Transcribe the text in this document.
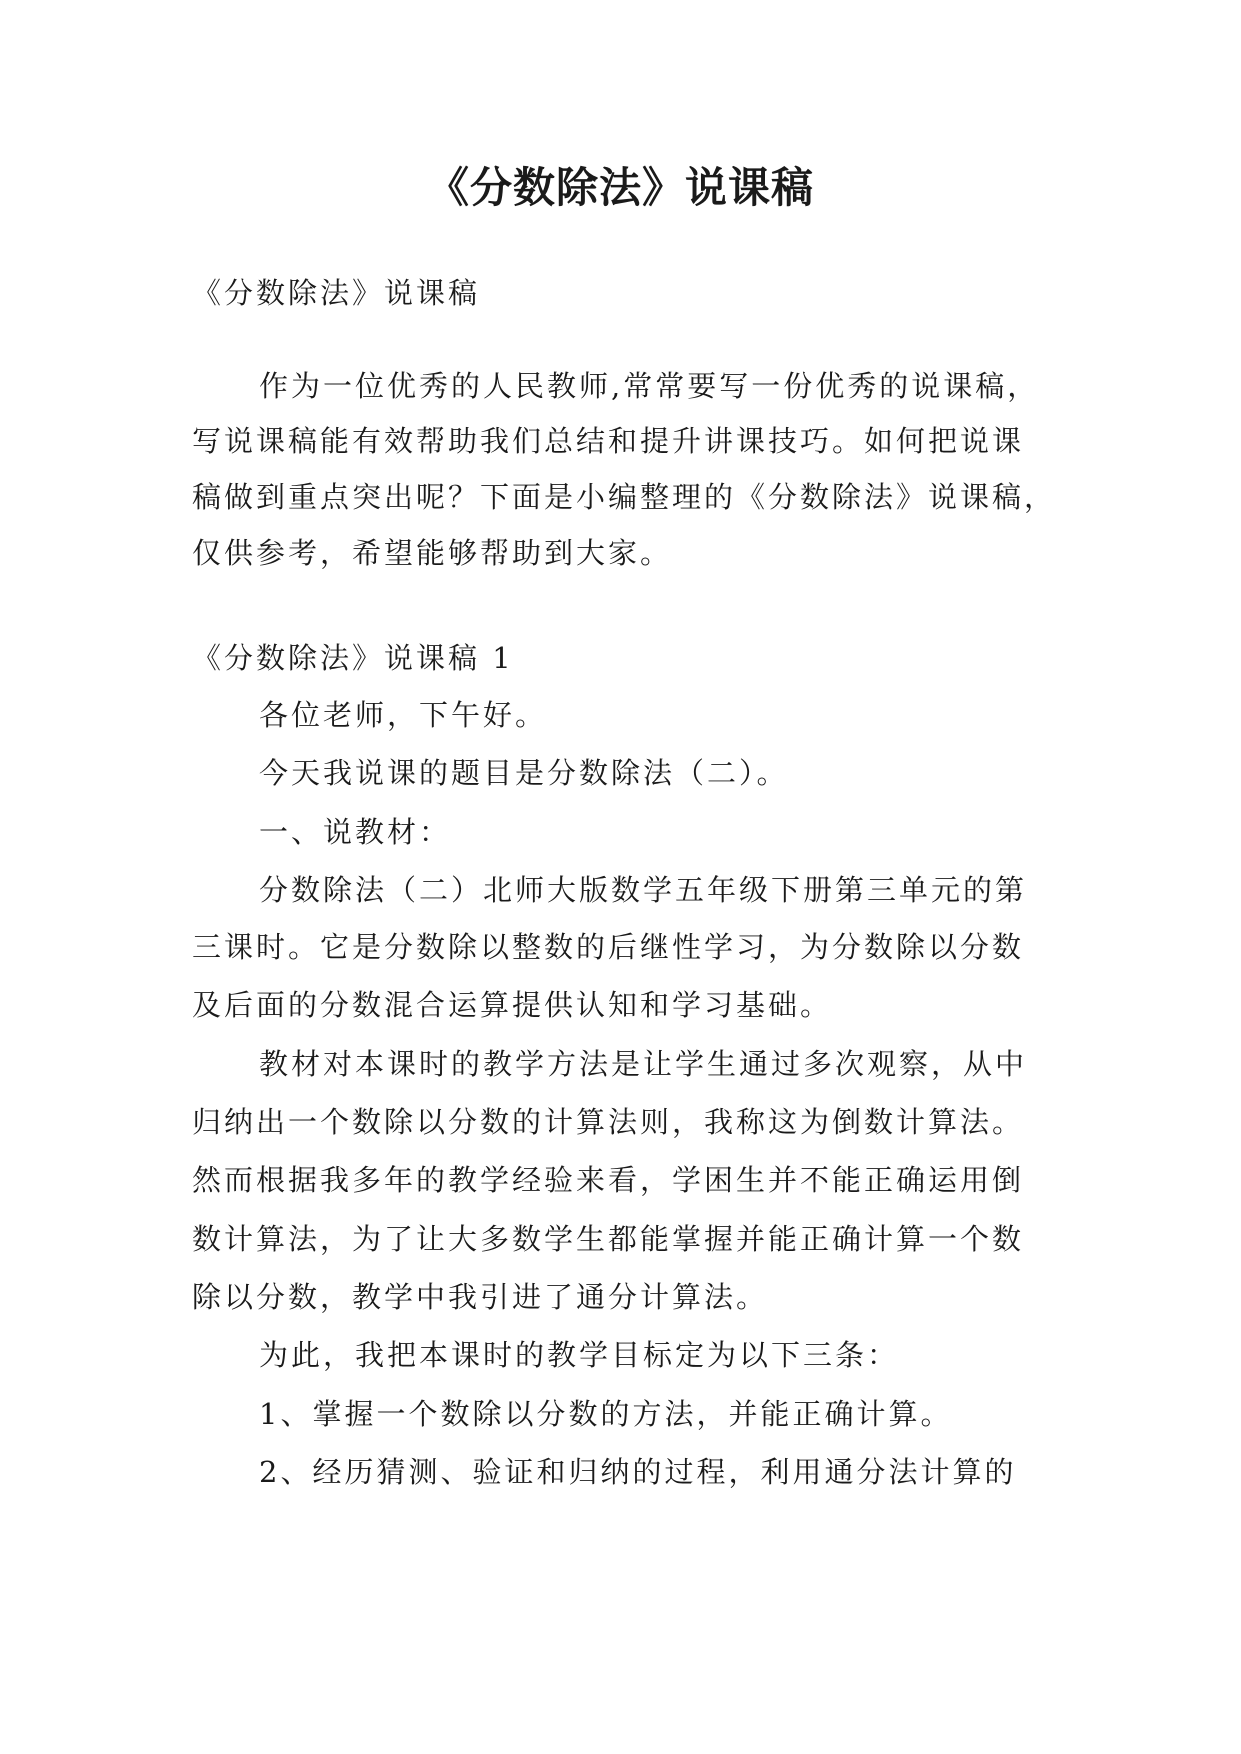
《分数除法》说课稿

《分数除法》说课稿

作为一位优秀的人民教师,常常要写一份优秀的说课稿，

写说课稿能有效帮助我们总结和提升讲课技巧。如何把说课

稿做到重点突出呢？下面是小编整理的《分数除法》说课稿，

仅供参考，希望能够帮助到大家。

《分数除法》说课稿 1

各位老师，下午好。

今天我说课的题目是分数除法（二）。

一、说教材：

分数除法（二）北师大版数学五年级下册第三单元的第

三课时。它是分数除以整数的后继性学习，为分数除以分数

及后面的分数混合运算提供认知和学习基础。

教材对本课时的教学方法是让学生通过多次观察，从中

归纳出一个数除以分数的计算法则，我称这为倒数计算法。

然而根据我多年的教学经验来看，学困生并不能正确运用倒

数计算法，为了让大多数学生都能掌握并能正确计算一个数

除以分数，教学中我引进了通分计算法。

为此，我把本课时的教学目标定为以下三条：

1、掌握一个数除以分数的方法，并能正确计算。

2、经历猜测、验证和归纳的过程，利用通分法计算的
